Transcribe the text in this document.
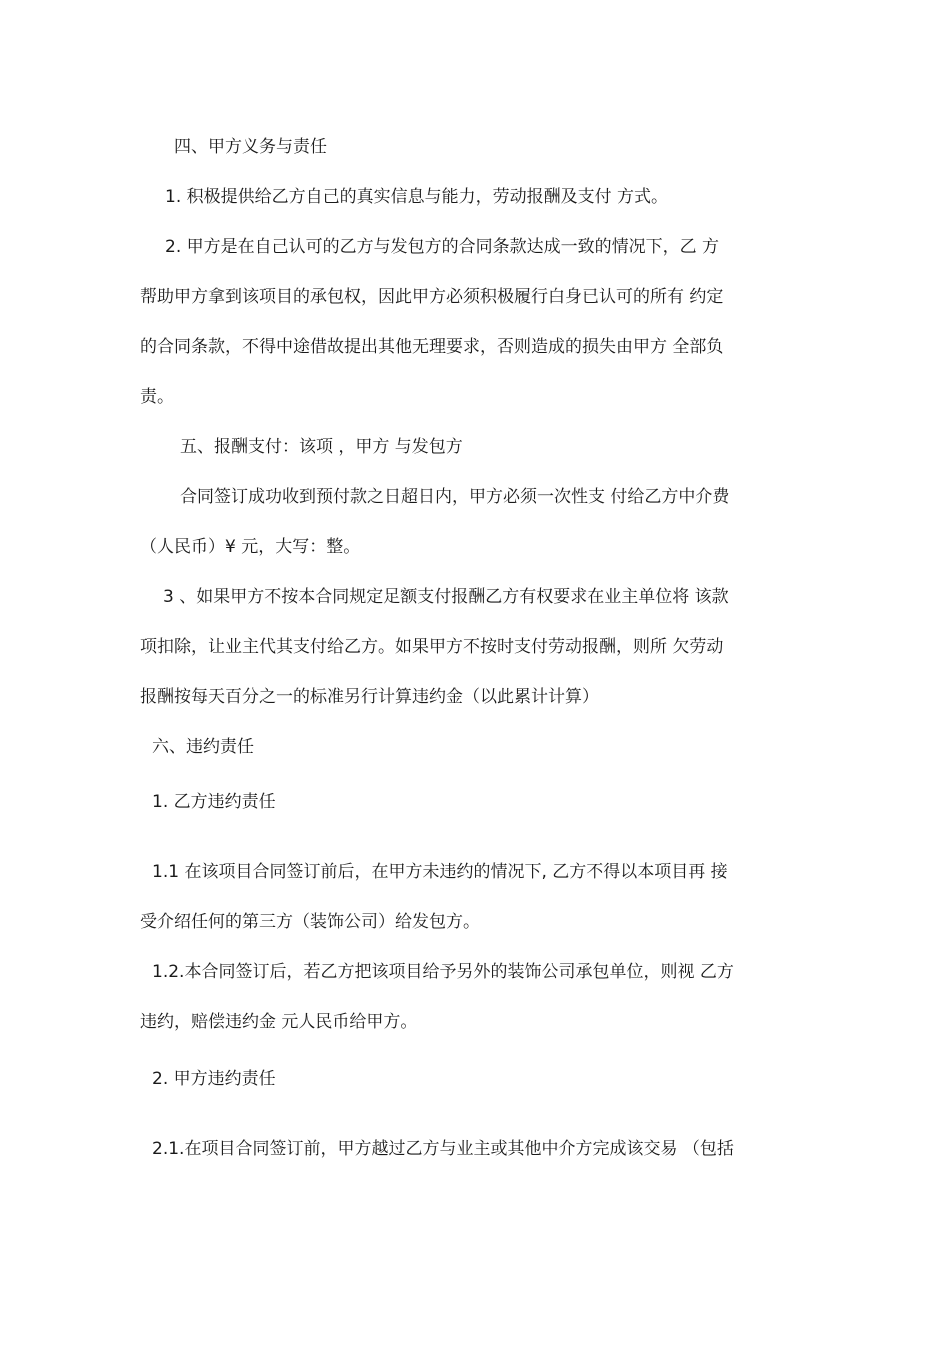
四、甲方义务与责任
1. 积极提供给乙方自己的真实信息与能力，劳动报酬及支付 方式。
2. 甲方是在自己认可的乙方与发包方的合同条款达成一致的情况下，乙 方
帮助甲方拿到该项目的承包权，因此甲方必须积极履行白身已认可的所有 约定
的合同条款，不得中途借故提出其他无理要求，否则造成的损失由甲方 全部负
责。
五、报酬支付：该项 ，甲方 与发包方
合同签订成功收到预付款之日超日内，甲方必须一次性支 付给乙方中介费
（人民币）¥ 元，大写：整。
3 、如果甲方不按本合同规定足额支付报酬乙方有权要求在业主单位将 该款
项扣除，让业主代其支付给乙方。如果甲方不按时支付劳动报酬，则所 欠劳动
报酬按每天百分之一的标准另行计算违约金（以此累计计算）
六、违约责任
1. 乙方违约责任
1.1 在该项目合同签订前后，在甲方未违约的情况下, 乙方不得以本项目再 接
受介绍任何的第三方（装饰公司）给发包方。
1.2.本合同签订后，若乙方把该项目给予另外的装饰公司承包单位，则视 乙方
违约，赔偿违约金 元人民币给甲方。
2. 甲方违约责任
2.1.在项目合同签订前，甲方越过乙方与业主或其他中介方完成该交易 （包括
